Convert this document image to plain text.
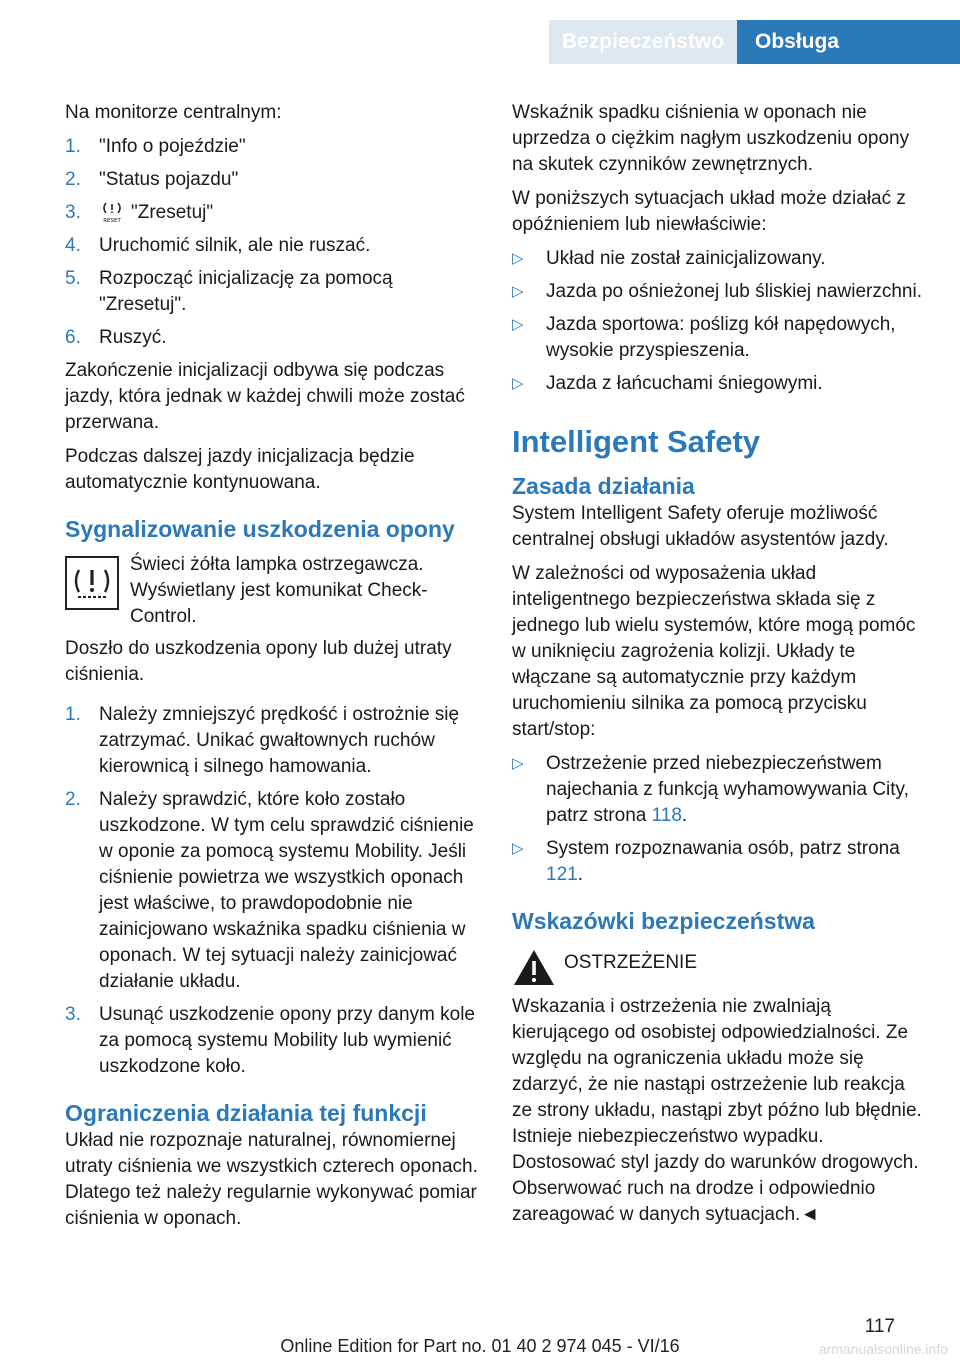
Bezpieczeństwo	Obsługa

Na monitorze centralnym:

1. "Info o pojeździe"
2. "Status pojazdu"
3.	RESET "Zresetuj"
4. Uruchomić silnik, ale nie ruszać.
5. Rozpocząć inicjalizację za pomocą "Zresetuj".
6. Ruszyć.

Zakończenie inicjalizacji odbywa się podczas jazdy, która jednak w każdej chwili może zostać przerwana.

Podczas dalszej jazdy inicjalizacja będzie automatycznie kontynuowana.

Sygnalizowanie uszkodzenia opony
Świeci żółta lampka ostrzegawcza. Wyświetlany jest komunikat Check-Control.

Doszło do uszkodzenia opony lub dużej utraty ciśnienia.

1. Należy zmniejszyć prędkość i ostrożnie się zatrzymać. Unikać gwałtownych ruchów kierownicą i silnego hamowania.
2. Należy sprawdzić, które koło zostało uszkodzone. W tym celu sprawdzić ciśnienie w oponie za pomocą systemu Mobility. Jeśli ciśnienie powietrza we wszystkich oponach jest właściwe, to prawdopodobnie nie zainicjowano wskaźnika spadku ciśnienia w oponach. W tej sytuacji należy zainicjować działanie układu.
3. Usunąć uszkodzenie opony przy danym kole za pomocą systemu Mobility lub wymienić uszkodzone koło.
Ograniczenia działania tej funkcji

Układ nie rozpoznaje naturalnej, równomiernej utraty ciśnienia we wszystkich czterech oponach. Dlatego też należy regularnie wykonywać pomiar ciśnienia w oponach.

Wskaźnik spadku ciśnienia w oponach nie uprzedza o ciężkim nagłym uszkodzeniu opony na skutek czynników zewnętrznych.

W poniższych sytuacjach układ może działać z opóźnieniem lub niewłaściwie:

▷ Układ nie został zainicjalizowany.
▷ Jazda po ośnieżonej lub śliskiej nawierzchni.
▷ Jazda sportowa: poślizg kół napędowych, wysokie przyspieszenia.
▷ Jazda z łańcuchami śniegowymi.
Intelligent Safety
Zasada działania

System Intelligent Safety oferuje możliwość centralnej obsługi układów asystentów jazdy.

W zależności od wyposażenia układ inteligentnego bezpieczeństwa składa się z jednego lub wielu systemów, które mogą pomóc w uniknięciu zagrożenia kolizji. Układy te włączane są automatycznie przy każdym uruchomieniu silnika za pomocą przycisku start/stop:

▷ Ostrzeżenie przed niebezpieczeństwem najechania z funkcją wyhamowywania City, patrz strona 118.
▷ System rozpoznawania osób, patrz strona 121.
Wskazówki bezpieczeństwa
OSTRZEŻENIE

Wskazania i ostrzeżenia nie zwalniają kierującego od osobistej odpowiedzialności. Ze względu na ograniczenia układu może się zdarzyć, że nie nastąpi ostrzeżenie lub reakcja ze strony układu, nastąpi zbyt późno lub błędnie. Istnieje niebezpieczeństwo wypadku. Dostosować styl jazdy do warunków drogowych. Obserwować ruch na drodze i odpowiednio zareagować w danych sytuacjach.◄

117
Online Edition for Part no. 01 40 2 974 045 - VI/16	armanualsonline.info
